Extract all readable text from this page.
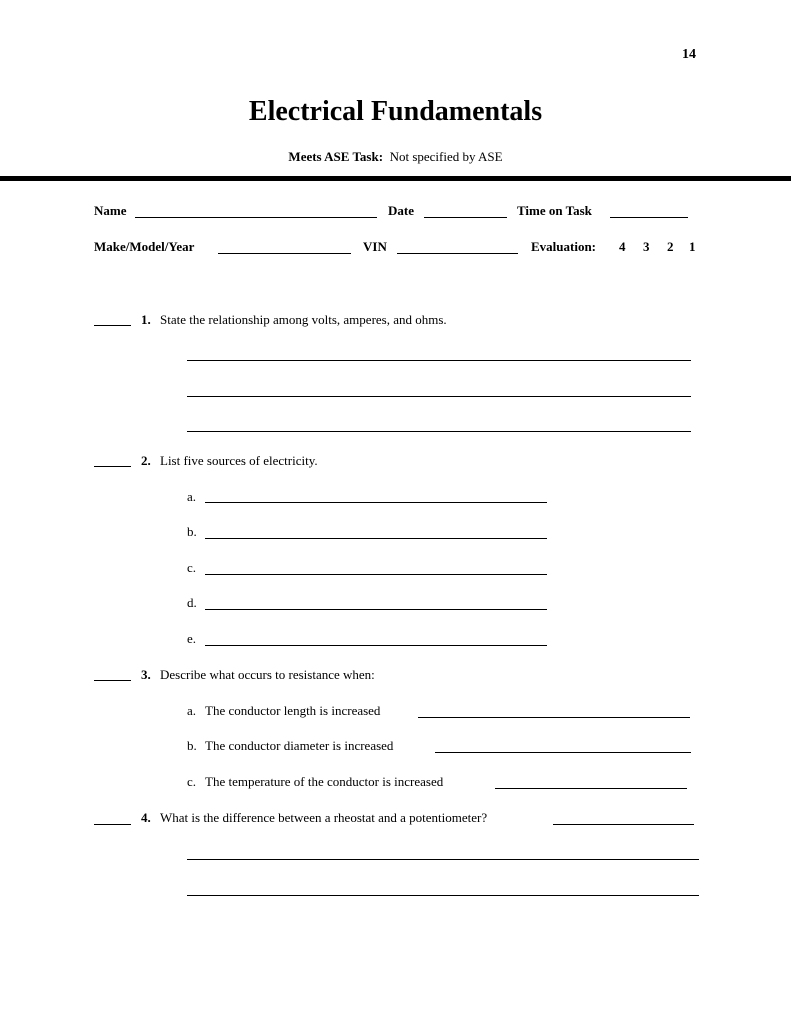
14
Electrical Fundamentals
Meets ASE Task: Not specified by ASE
Name	Date	Time on Task
Make/Model/Year	VIN	Evaluation: 4 3 2 1
1. State the relationship among volts, amperes, and ohms.
2. List five sources of electricity.
a.
b.
c.
d.
e.
3. Describe what occurs to resistance when:
a. The conductor length is increased
b. The conductor diameter is increased
c. The temperature of the conductor is increased
4. What is the difference between a rheostat and a potentiometer?
